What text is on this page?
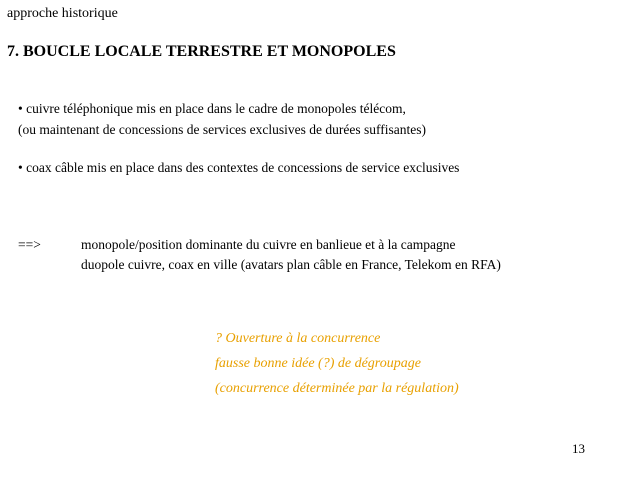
approche historique
7. BOUCLE LOCALE TERRESTRE ET MONOPOLES
• cuivre téléphonique mis en place dans le cadre de monopoles télécom,
(ou maintenant de concessions de services exclusives de durées suffisantes)
• coax câble mis en place dans des contextes de concessions de service exclusives
==>	monopole/position dominante du cuivre en banlieue et à la campagne
duopole cuivre, coax en ville (avatars plan câble en France, Telekom en RFA)
? Ouverture à la concurrence
fausse bonne idée (?) de dégroupage
(concurrence déterminée par la régulation)
13
